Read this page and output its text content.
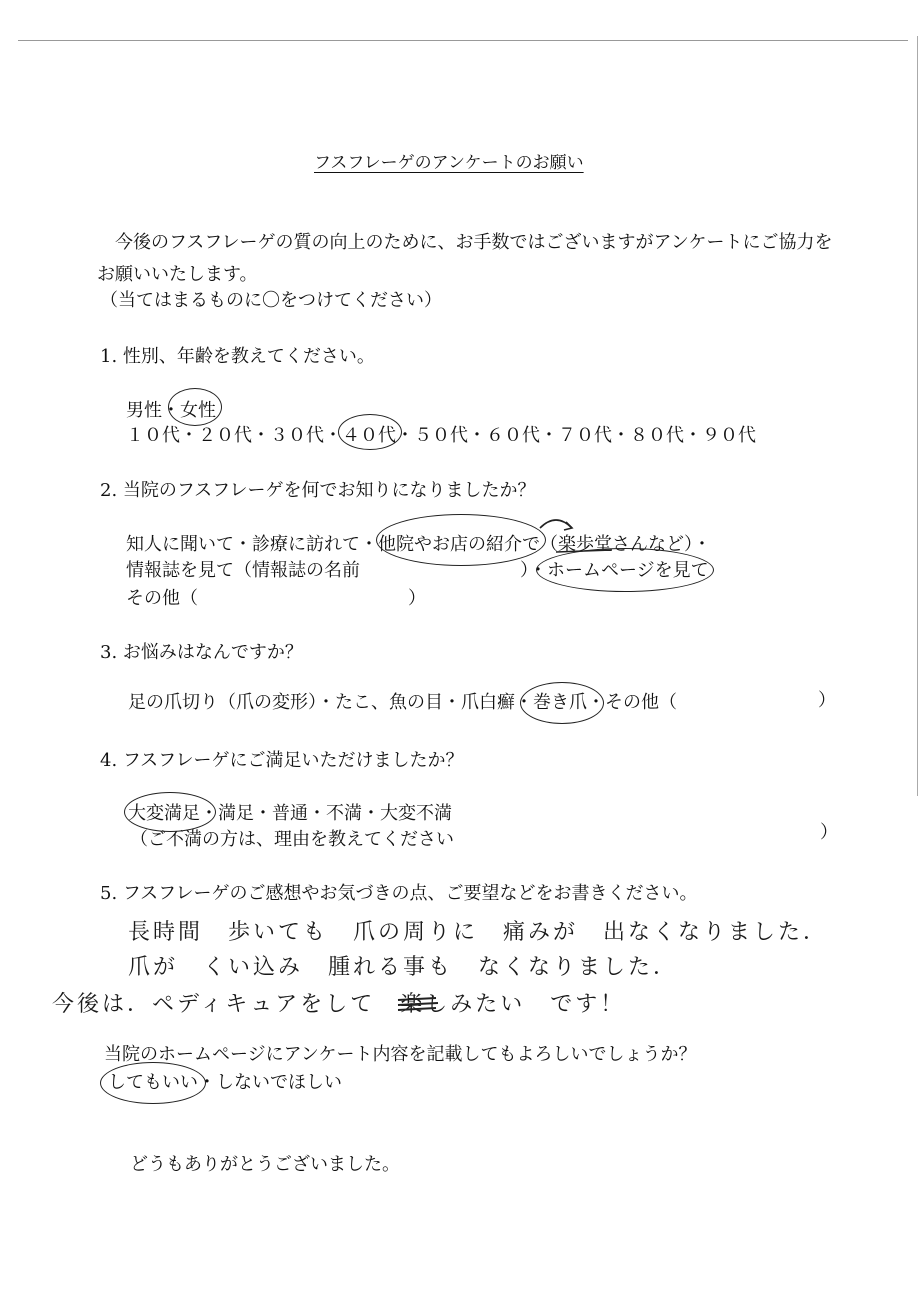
フスフレーゲのアンケートのお願い
今後のフスフレーゲの質の向上のために、お手数ではございますがアンケートにご協力を
お願いいたします。
（当てはまるものに〇をつけてください）
1. 性別、年齢を教えてください。
男性・女性
１０代・２０代・３０代・４０代・５０代・６０代・７０代・８０代・９０代
2. 当院のフスフレーゲを何でお知りになりましたか？
知人に聞いて・診療に訪れて・他院やお店の紹介で（楽歩堂さんなど）・
情報誌を見て（情報誌の名前	）・ホームページを見て
その他（	）
3. お悩みはなんですか？
足の爪切り（爪の変形）・たこ、魚の目・爪白癬・巻き爪・その他（	）
4. フスフレーゲにご満足いただけましたか？
大変満足・満足・普通・不満・大変不満
（ご不満の方は、理由を教えてください	）
5. フスフレーゲのご感想やお気づきの点、ご要望などをお書きください。
長時間　歩いても　爪の周りに　痛みが　出なくなりました．
爪が　くい込み　腫れる事も　なくなりました．
今後は．ペディキュアをして　楽しみたい　です！
当院のホームページにアンケート内容を記載してもよろしいでしょうか？
してもいい・しないでほしい
どうもありがとうございました。
